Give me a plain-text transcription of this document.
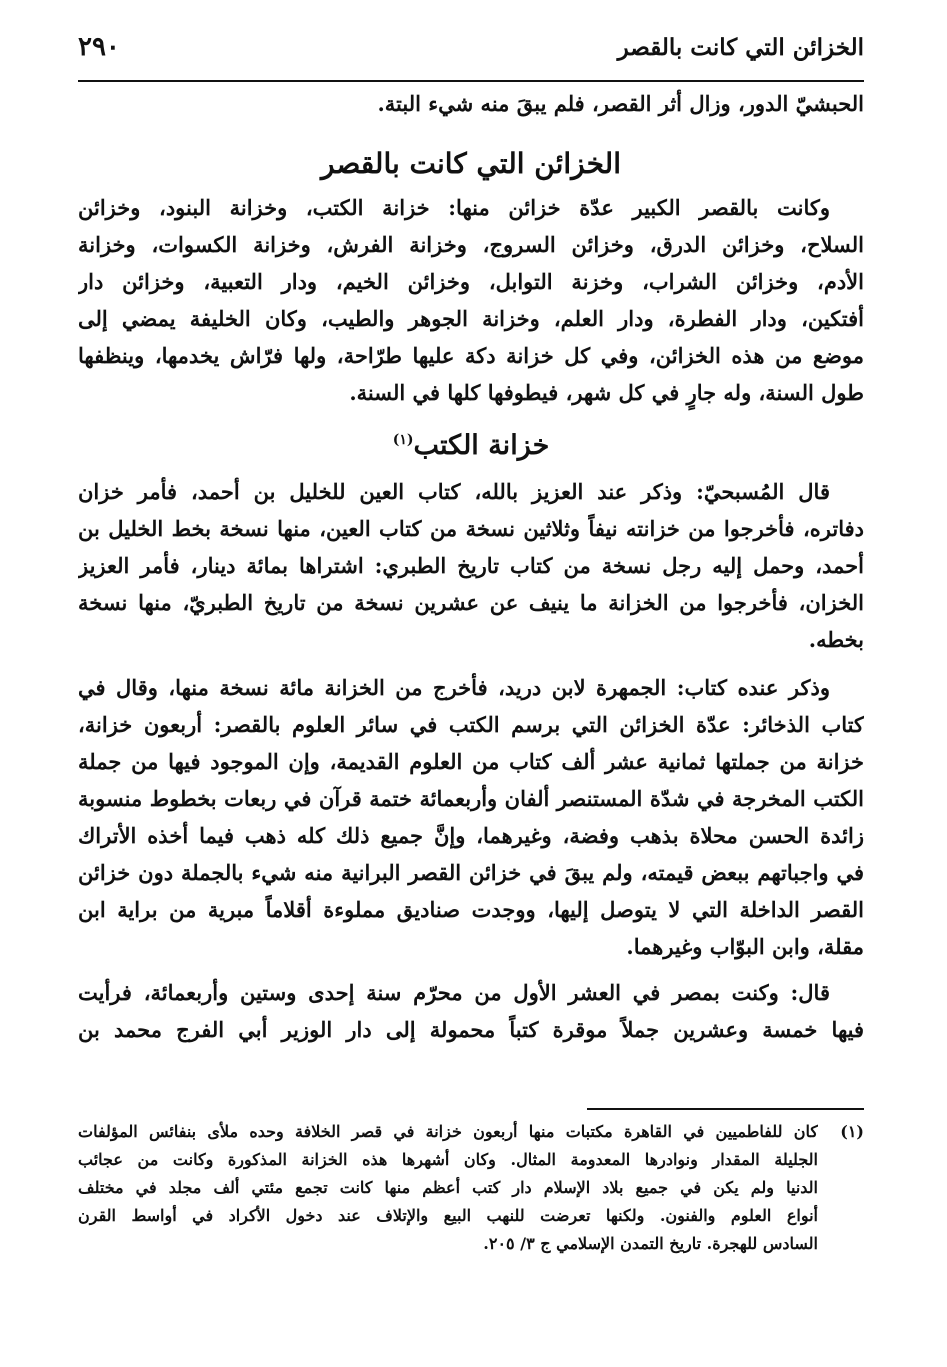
الخزائن التي كانت بالقصر
٢٩٠
الحبشيّ الدور، وزال أثر القصر، فلم يبقَ منه شيء البتة.
الخزائن التي كانت بالقصر
وكانت بالقصر الكبير عدّة خزائن منها: خزانة الكتب، وخزانة البنود، وخزائن
السلاح، وخزائن الدرق، وخزائن السروج، وخزانة الفرش، وخزانة الكسوات، وخزانة
الأدم، وخزائن الشراب، وخزنة التوابل، وخزائن الخيم، ودار التعبية، وخزائن دار
أفتكين، ودار الفطرة، ودار العلم، وخزانة الجوهر والطيب، وكان الخليفة يمضي إلى
موضع من هذه الخزائن، وفي كل خزانة دكة عليها طرّاحة، ولها فرّاش يخدمها، وينظفها
طول السنة، وله جارٍ في كل شهر، فيطوفها كلها في السنة.
خزانة الكتب$^{(١)}$
قال المُسبحيّ: وذكر عند العزيز بالله، كتاب العين للخليل بن أحمد، فأمر خزان
دفاتره، فأخرجوا من خزانته نيفاً وثلاثين نسخة من كتاب العين، منها نسخة بخط الخليل بن
أحمد، وحمل إليه رجل نسخة من كتاب تاريخ الطبري: اشتراها بمائة دينار، فأمر العزيز
الخزان، فأخرجوا من الخزانة ما ينيف عن عشرين نسخة من تاريخ الطبريّ، منها نسخة
بخطه.
وذكر عنده كتاب: الجمهرة لابن دريد، فأخرج من الخزانة مائة نسخة منها، وقال في
كتاب الذخائر: عدّة الخزائن التي برسم الكتب في سائر العلوم بالقصر: أربعون خزانة،
خزانة من جملتها ثمانية عشر ألف كتاب من العلوم القديمة، وإن الموجود فيها من جملة
الكتب المخرجة في شدّة المستنصر ألفان وأربعمائة ختمة قرآن في ربعات بخطوط منسوبة
زائدة الحسن محلاة بذهب وفضة، وغيرهما، وإنَّ جميع ذلك كله ذهب فيما أخذه الأتراك
في واجباتهم ببعض قيمته، ولم يبقَ في خزائن القصر البرانية منه شيء بالجملة دون خزائن
القصر الداخلة التي لا يتوصل إليها، ووجدت صناديق مملوءة أقلاماً مبرية من براية ابن
مقلة، وابن البوّاب وغيرهما.
قال: وكنت بمصر في العشر الأول من محرّم سنة إحدى وستين وأربعمائة، فرأيت
فيها خمسة وعشرين جملاً موقرة كتباً محمولة إلى دار الوزير أبي الفرج محمد بن
(١)
كان للفاطميين في القاهرة مكتبات منها أربعون خزانة في قصر الخلافة وحده ملأى بنفائس المؤلفات
الجليلة المقدار ونوادرها المعدومة المثال. وكان أشهرها هذه الخزانة المذكورة وكانت من عجائب
الدنيا ولم يكن في جميع بلاد الإسلام دار كتب أعظم منها كانت تجمع مئتي ألف مجلد في مختلف
أنواع العلوم والفنون. ولكنها تعرضت للنهب البيع والإتلاف عند دخول الأكراد في أواسط القرن
السادس للهجرة. تاريخ التمدن الإسلامي ج ٣/ ٢٠٥.
